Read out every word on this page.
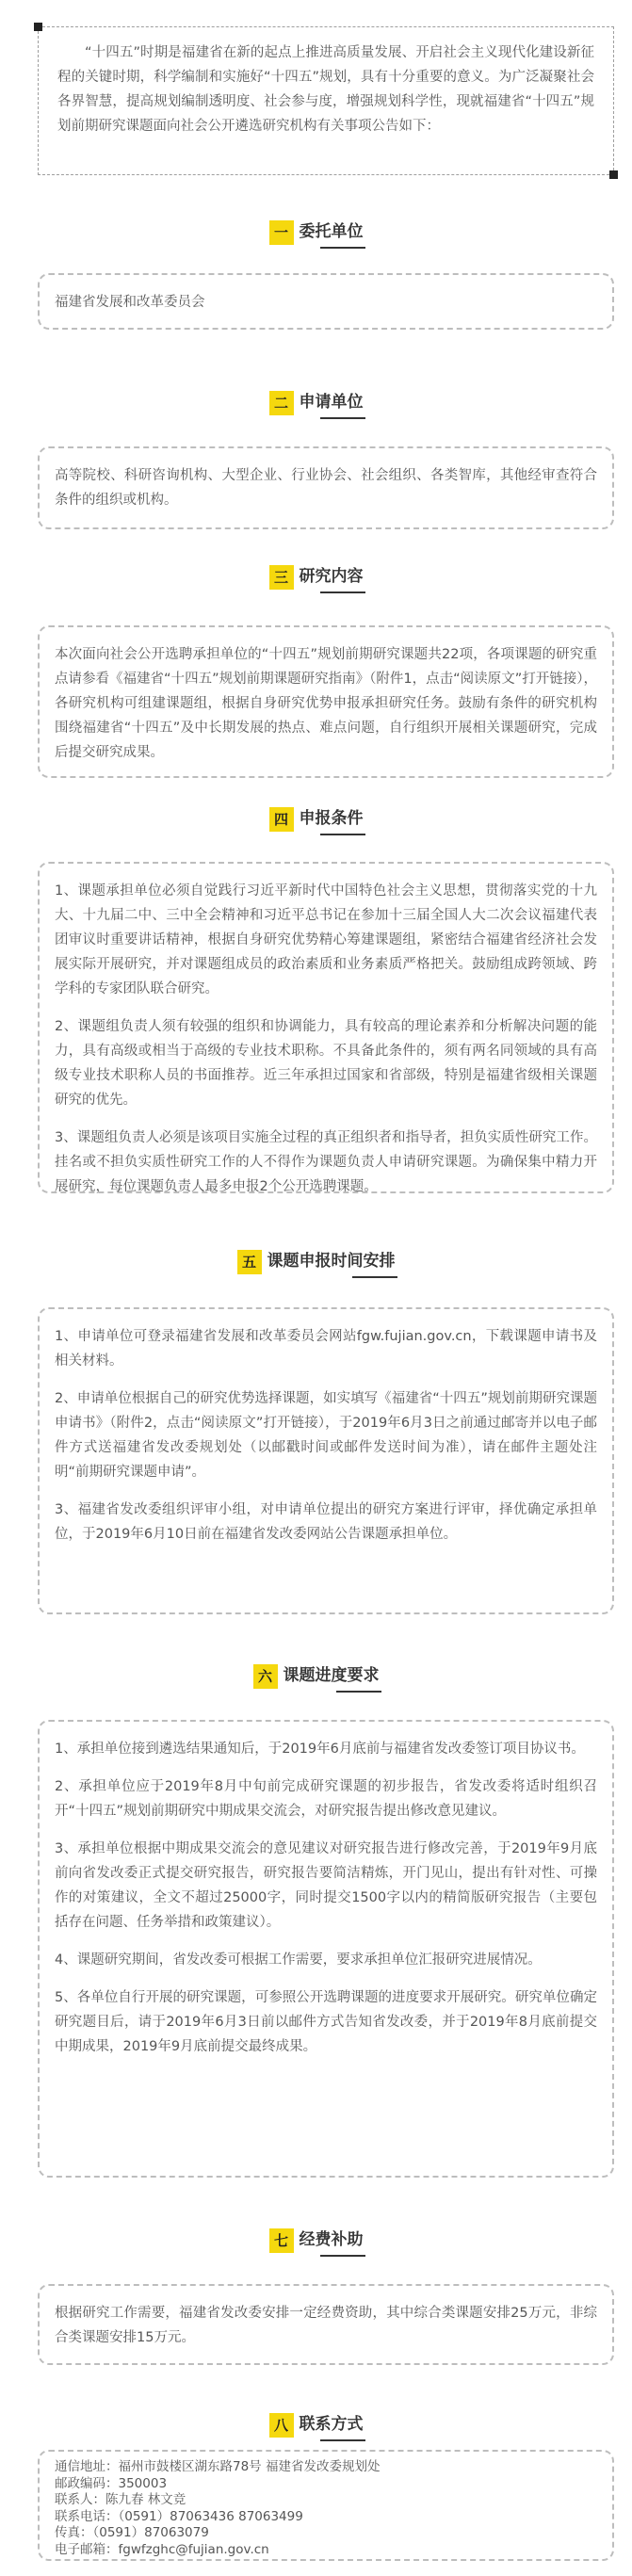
“十四五”时期是福建省在新的起点上推进高质量发展、开启社会主义现代化建设新征程的关键时期，科学编制和实施好“十四五”规划，具有十分重要的意义。为广泛凝聚社会各界智慧，提高规划编制透明度、社会参与度，增强规划科学性，现就福建省“十四五”规划前期研究课题面向社会公开遴选研究机构有关事项公告如下：

一 委托单位

福建省发展和改革委员会

二 申请单位

高等院校、科研咨询机构、大型企业、行业协会、社会组织、各类智库，其他经审查符合条件的组织或机构。

三 研究内容

本次面向社会公开选聘承担单位的“十四五”规划前期研究课题共22项，各项课题的研究重点请参看《福建省“十四五”规划前期课题研究指南》（附件1，点击“阅读原文”打开链接），各研究机构可组建课题组，根据自身研究优势申报承担研究任务。鼓励有条件的研究机构围绕福建省“十四五”及中长期发展的热点、难点问题，自行组织开展相关课题研究，完成后提交研究成果。

四 申报条件

1、课题承担单位必须自觉践行习近平新时代中国特色社会主义思想，贯彻落实党的十九大、十九届二中、三中全会精神和习近平总书记在参加十三届全国人大二次会议福建代表团审议时重要讲话精神，根据自身研究优势精心筹建课题组，紧密结合福建省经济社会发展实际开展研究，并对课题组成员的政治素质和业务素质严格把关。鼓励组成跨领域、跨学科的专家团队联合研究。

2、课题组负责人须有较强的组织和协调能力，具有较高的理论素养和分析解决问题的能力，具有高级或相当于高级的专业技术职称。不具备此条件的，须有两名同领域的具有高级专业技术职称人员的书面推荐。近三年承担过国家和省部级，特别是福建省级相关课题研究的优先。

3、课题组负责人必须是该项目实施全过程的真正组织者和指导者，担负实质性研究工作。挂名或不担负实质性研究工作的人不得作为课题负责人申请研究课题。为确保集中精力开展研究，每位课题负责人最多申报2个公开选聘课题。

五 课题申报时间安排

1、申请单位可登录福建省发展和改革委员会网站fgw.fujian.gov.cn，下载课题申请书及相关材料。

2、申请单位根据自己的研究优势选择课题，如实填写《福建省“十四五”规划前期研究课题申请书》（附件2，点击“阅读原文”打开链接），于2019年6月3日之前通过邮寄并以电子邮件方式送福建省发改委规划处（以邮戳时间或邮件发送时间为准），请在邮件主题处注明“前期研究课题申请”。

3、福建省发改委组织评审小组，对申请单位提出的研究方案进行评审，择优确定承担单位，于2019年6月10日前在福建省发改委网站公告课题承担单位。

六 课题进度要求

1、承担单位接到遴选结果通知后，于2019年6月底前与福建省发改委签订项目协议书。

2、承担单位应于2019年8月中旬前完成研究课题的初步报告，省发改委将适时组织召开“十四五”规划前期研究中期成果交流会，对研究报告提出修改意见建议。

3、承担单位根据中期成果交流会的意见建议对研究报告进行修改完善，于2019年9月底前向省发改委正式提交研究报告，研究报告要简洁精炼，开门见山，提出有针对性、可操作的对策建议，全文不超过25000字，同时提交1500字以内的精简版研究报告（主要包括存在问题、任务举措和政策建议）。

4、课题研究期间，省发改委可根据工作需要，要求承担单位汇报研究进展情况。

5、各单位自行开展的研究课题，可参照公开选聘课题的进度要求开展研究。研究单位确定研究题目后，请于2019年6月3日前以邮件方式告知省发改委，并于2019年8月底前提交中期成果，2019年9月底前提交最终成果。

七 经费补助

根据研究工作需要，福建省发改委安排一定经费资助，其中综合类课题安排25万元，非综合类课题安排15万元。

八 联系方式

通信地址：福州市鼓楼区湖东路78号 福建省发改委规划处

邮政编码：350003

联系人：陈九春 林文竞

联系电话：（0591）87063436 87063499

传真：（0591）87063079

电子邮箱：fgwfzghc@fujian.gov.cn
